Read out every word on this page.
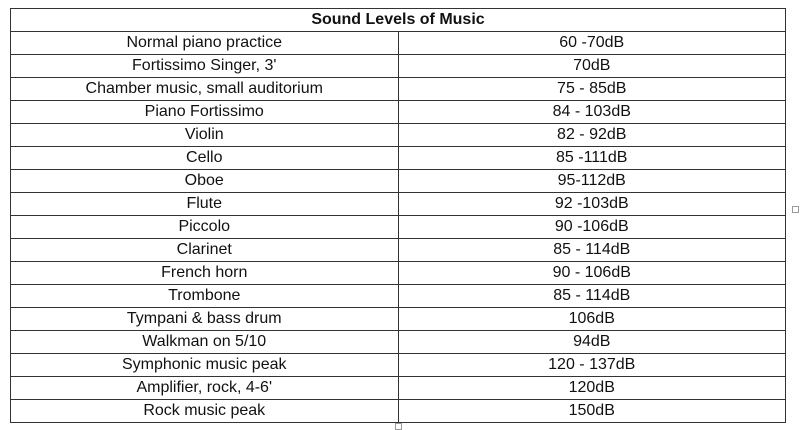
Sound Levels of Music	
Normal piano practice	60 -70dB
Fortissimo Singer, 3'	70dB
Chamber music, small auditorium	75 - 85dB
Piano Fortissimo	84 - 103dB
Violin	82 - 92dB
Cello	85 -111dB
Oboe	95-112dB
Flute	92 -103dB
Piccolo	90 -106dB
Clarinet	85 - 114dB
French horn	90 - 106dB
Trombone	85 - 114dB
Tympani & bass drum	106dB
Walkman on 5/10	94dB
Symphonic music peak	120 - 137dB
Amplifier, rock, 4-6'	120dB
Rock music peak	150dB
